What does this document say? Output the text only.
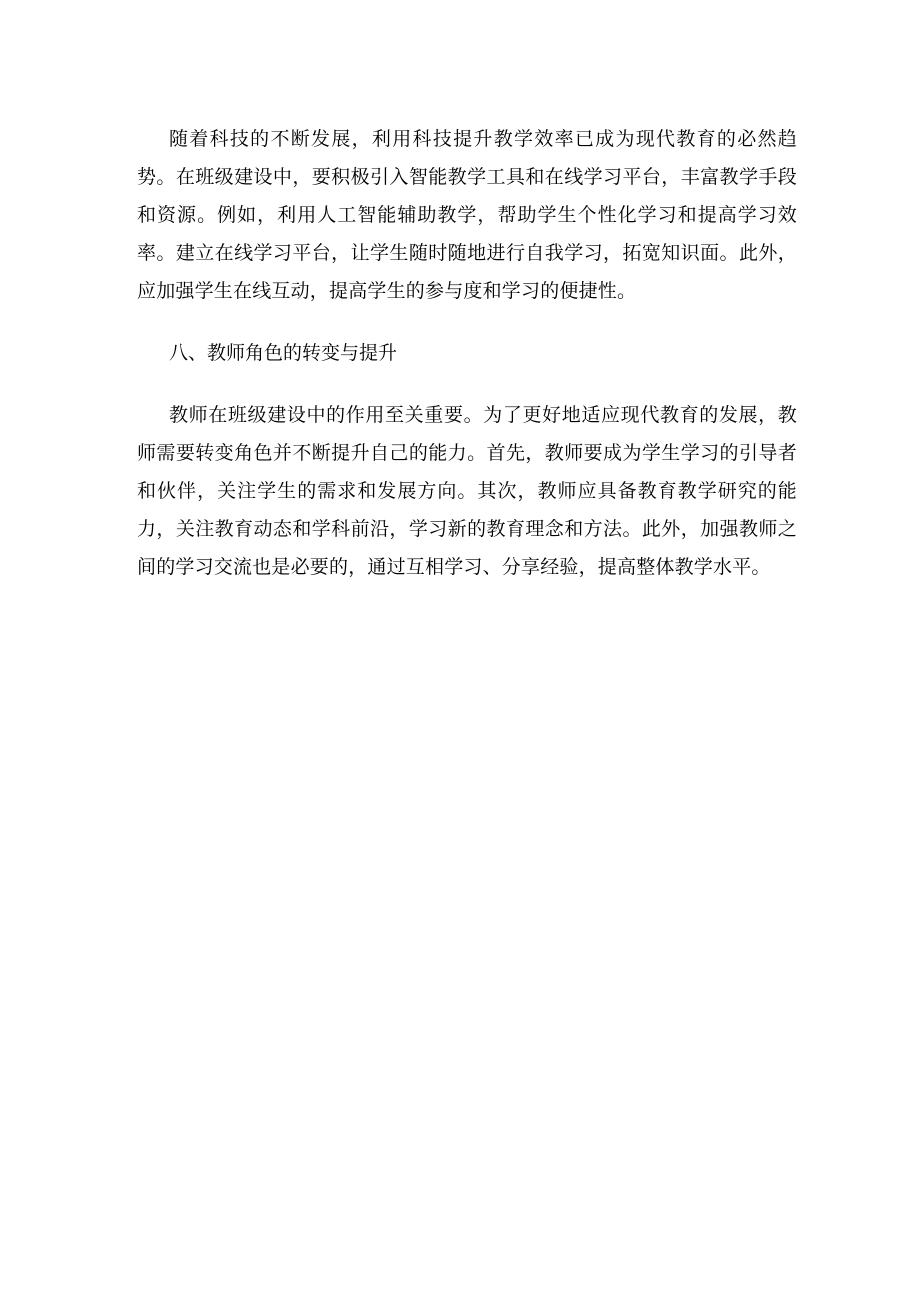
随着科技的不断发展，利用科技提升教学效率已成为现代教育的必然趋势。在班级建设中，要积极引入智能教学工具和在线学习平台，丰富教学手段和资源。例如，利用人工智能辅助教学，帮助学生个性化学习和提高学习效率。建立在线学习平台，让学生随时随地进行自我学习，拓宽知识面。此外，应加强学生在线互动，提高学生的参与度和学习的便捷性。

八、教师角色的转变与提升

教师在班级建设中的作用至关重要。为了更好地适应现代教育的发展，教师需要转变角色并不断提升自己的能力。首先，教师要成为学生学习的引导者和伙伴，关注学生的需求和发展方向。其次，教师应具备教育教学研究的能力，关注教育动态和学科前沿，学习新的教育理念和方法。此外，加强教师之间的学习交流也是必要的，通过互相学习、分享经验，提高整体教学水平。
